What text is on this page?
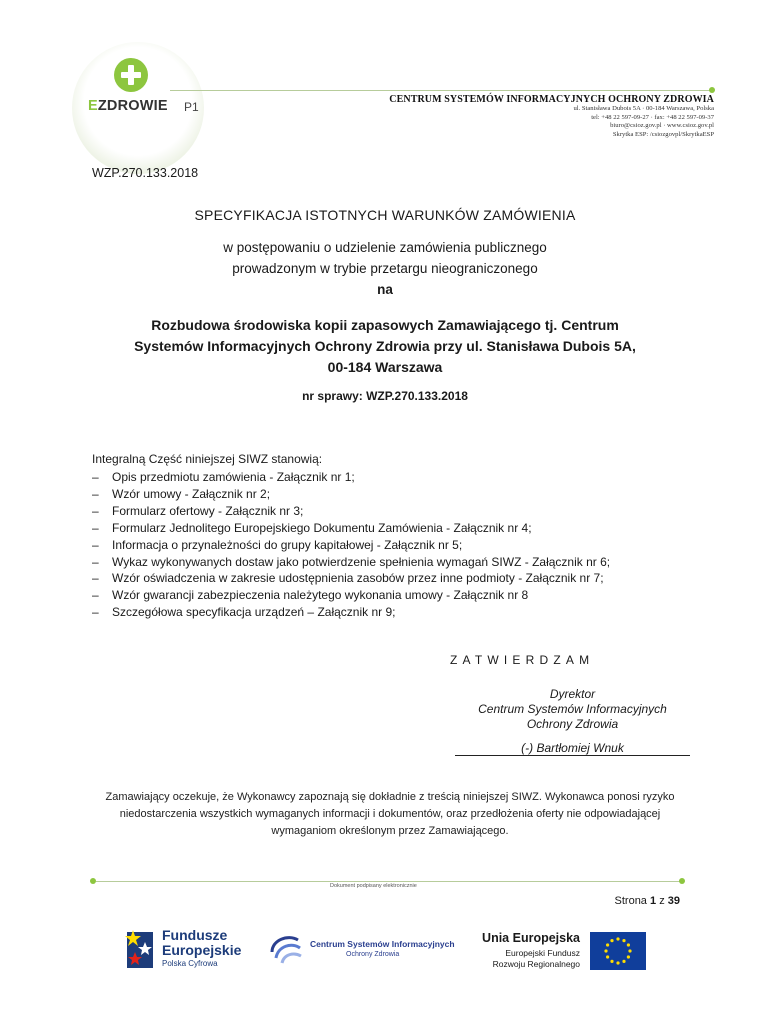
EZDROWIE P1
CENTRUM SYSTEMÓW INFORMACYJNYCH OCHRONY ZDROWIA
ul. Stanisława Dubois 5A · 00-184 Warszawa, Polska
tel: +48 22 597-09-27 · fax: +48 22 597-09-37
biuro@csioz.gov.pl · www.csioz.gov.pl
Skrytka ESP: /csiozgovpl/SkrytkaESP
WZP.270.133.2018
SPECYFIKACJA ISTOTNYCH WARUNKÓW ZAMÓWIENIA
w postępowaniu o udzielenie zamówienia publicznego
prowadzonym w trybie przetargu nieograniczonego
na
Rozbudowa środowiska kopii zapasowych Zamawiającego tj. Centrum
Systemów Informacyjnych Ochrony Zdrowia przy ul. Stanisława Dubois 5A,
00-184 Warszawa
nr sprawy: WZP.270.133.2018
Integralną Część niniejszej SIWZ stanowią:
– Opis przedmiotu zamówienia - Załącznik nr 1;
– Wzór umowy - Załącznik nr 2;
– Formularz ofertowy - Załącznik nr 3;
– Formularz Jednolitego Europejskiego Dokumentu Zamówienia - Załącznik nr 4;
– Informacja o przynależności do grupy kapitałowej - Załącznik nr 5;
– Wykaz wykonywanych dostaw jako potwierdzenie spełnienia wymagań SIWZ - Załącznik nr 6;
– Wzór oświadczenia w zakresie udostępnienia zasobów przez inne podmioty - Załącznik nr 7;
– Wzór gwarancji zabezpieczenia należytego wykonania umowy - Załącznik nr 8
– Szczegółowa specyfikacja urządzeń – Załącznik nr 9;
ZATWIERDZAM
Dyrektor
Centrum Systemów Informacyjnych
Ochrony Zdrowia
(-) Bartłomiej Wnuk
Zamawiający oczekuje, że Wykonawcy zapoznają się dokładnie z treścią niniejszej SIWZ. Wykonawca ponosi ryzyko niedostarczenia wszystkich wymaganych informacji i dokumentów, oraz przedłożenia oferty nie odpowiadającej wymaganiom określonym przez Zamawiającego.
Dokument podpisany elektronicznie
Strona 1 z 39
Fundusze
Europejskie
Polska Cyfrowa
Centrum Systemów Informacyjnych
Ochrony Zdrowia
Unia Europejska
Europejski Fundusz
Rozwoju Regionalnego
